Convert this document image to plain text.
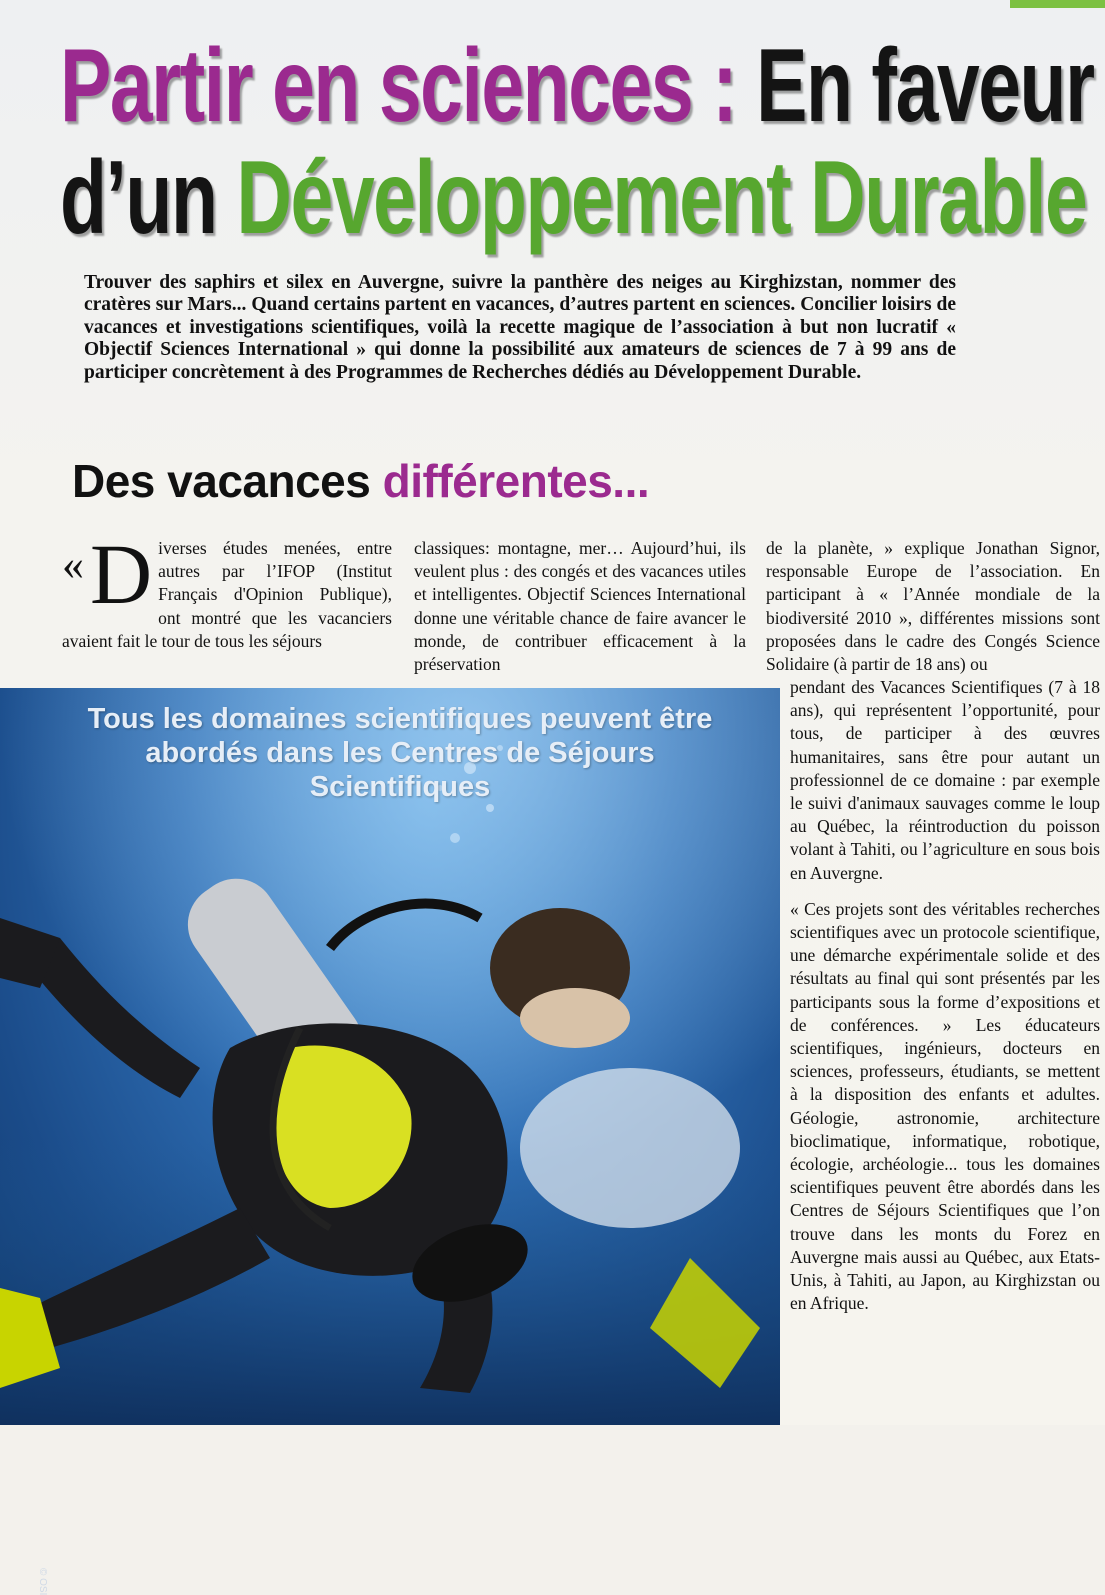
Partir en sciences : En faveur
d’un Développement Durable
Trouver des saphirs et silex en Auvergne, suivre la panthère des neiges au Kirghizstan, nommer des cratères sur Mars... Quand certains partent en vacances, d’autres partent en sciences. Concilier loisirs de vacances et investigations scientifiques, voilà la recette magique de l’association à but non lucratif « Objectif Sciences International » qui donne la possibilité aux amateurs de sciences de 7 à 99 ans de participer concrètement à des Programmes de Recherches dédiés au Développement Durable.
Des vacances différentes...
« D iverses études menées, entre autres par l’IFOP (Institut Français d'Opinion Publique), ont montré que les vacanciers avaient fait le tour de tous les séjours

classiques: montagne, mer… Aujourd’hui, ils veulent plus : des congés et des vacances utiles et intelligentes. Objectif Sciences International donne une véritable chance de faire avancer le monde, de contribuer efficacement à la préservation

de la planète, » explique Jonathan Signor, responsable Europe de l’association. En participant à « l’Année mondiale de la biodiversité 2010 », différentes missions sont proposées dans le cadre des Congés Science Solidaire (à partir de 18 ans) ou

Tous les domaines scientifiques peuvent être abordés dans les Centres de Séjours Scientifiques
© OSI

pendant des Vacances Scientifiques (7 à 18 ans), qui représentent l’opportunité, pour tous, de participer à des œuvres humanitaires, sans être pour autant un professionnel de ce domaine : par exemple le suivi d'animaux sauvages comme le loup au Québec, la réintroduction du poisson volant à Tahiti, ou l’agriculture en sous bois en Auvergne.

« Ces projets sont des véritables recherches scientifiques avec un protocole scientifique, une démarche expérimentale solide et des résultats au final qui sont présentés par les participants sous la forme d’expositions et de conférences. » Les éducateurs scientifiques, ingénieurs, docteurs en sciences, professeurs, étudiants, se mettent à la disposition des enfants et adultes. Géologie, astronomie, architecture bioclimatique, informatique, robotique, écologie, archéologie... tous les domaines scientifiques peuvent être abordés dans les Centres de Séjours Scientifiques que l’on trouve dans les monts du Forez en Auvergne mais aussi au Québec, aux Etats-Unis, à Tahiti, au Japon, au Kirghizstan ou en Afrique.
